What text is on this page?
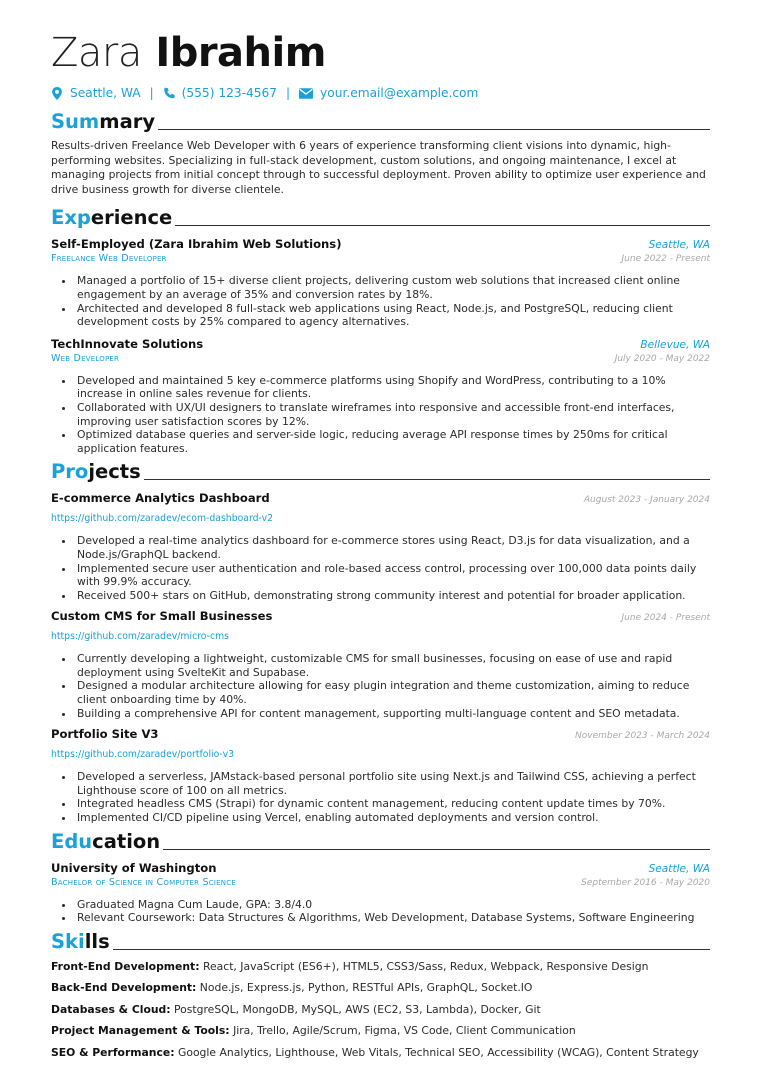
Zara Ibrahim
Seattle, WA | (555) 123-4567 | your.email@example.com
Summary

Results-driven Freelance Web Developer with 6 years of experience transforming client visions into dynamic, high-performing websites. Specializing in full-stack development, custom solutions, and ongoing maintenance, I excel at managing projects from initial concept through to successful deployment. Proven ability to optimize user experience and drive business growth for diverse clientele.

Experience
Self-Employed (Zara Ibrahim Web Solutions)	Seattle, WA
Freelance Web Developer	June 2022 - Present
• Managed a portfolio of 15+ diverse client projects, delivering custom web solutions that increased client online engagement by an average of 35% and conversion rates by 18%.
• Architected and developed 8 full-stack web applications using React, Node.js, and PostgreSQL, reducing client development costs by 25% compared to agency alternatives.
TechInnovate Solutions	Bellevue, WA
Web Developer	July 2020 - May 2022
• Developed and maintained 5 key e-commerce platforms using Shopify and WordPress, contributing to a 10% increase in online sales revenue for clients.
• Collaborated with UX/UI designers to translate wireframes into responsive and accessible front-end interfaces, improving user satisfaction scores by 12%.
• Optimized database queries and server-side logic, reducing average API response times by 250ms for critical application features.
Projects
E-commerce Analytics Dashboard	August 2023 - January 2024
https://github.com/zaradev/ecom-dashboard-v2
• Developed a real-time analytics dashboard for e-commerce stores using React, D3.js for data visualization, and a Node.js/GraphQL backend.
• Implemented secure user authentication and role-based access control, processing over 100,000 data points daily with 99.9% accuracy.
• Received 500+ stars on GitHub, demonstrating strong community interest and potential for broader application.
Custom CMS for Small Businesses	June 2024 - Present
https://github.com/zaradev/micro-cms
• Currently developing a lightweight, customizable CMS for small businesses, focusing on ease of use and rapid deployment using SvelteKit and Supabase.
• Designed a modular architecture allowing for easy plugin integration and theme customization, aiming to reduce client onboarding time by 40%.
• Building a comprehensive API for content management, supporting multi-language content and SEO metadata.
Portfolio Site V3	November 2023 - March 2024
https://github.com/zaradev/portfolio-v3
• Developed a serverless, JAMstack-based personal portfolio site using Next.js and Tailwind CSS, achieving a perfect Lighthouse score of 100 on all metrics.
• Integrated headless CMS (Strapi) for dynamic content management, reducing content update times by 70%.
• Implemented CI/CD pipeline using Vercel, enabling automated deployments and version control.
Education
University of Washington	Seattle, WA
Bachelor of Science in Computer Science	September 2016 - May 2020
• Graduated Magna Cum Laude, GPA: 3.8/4.0
• Relevant Coursework: Data Structures & Algorithms, Web Development, Database Systems, Software Engineering
Skills
Front-End Development: React, JavaScript (ES6+), HTML5, CSS3/Sass, Redux, Webpack, Responsive Design
Back-End Development: Node.js, Express.js, Python, RESTful APIs, GraphQL, Socket.IO
Databases & Cloud: PostgreSQL, MongoDB, MySQL, AWS (EC2, S3, Lambda), Docker, Git
Project Management & Tools: Jira, Trello, Agile/Scrum, Figma, VS Code, Client Communication
SEO & Performance: Google Analytics, Lighthouse, Web Vitals, Technical SEO, Accessibility (WCAG), Content Strategy
